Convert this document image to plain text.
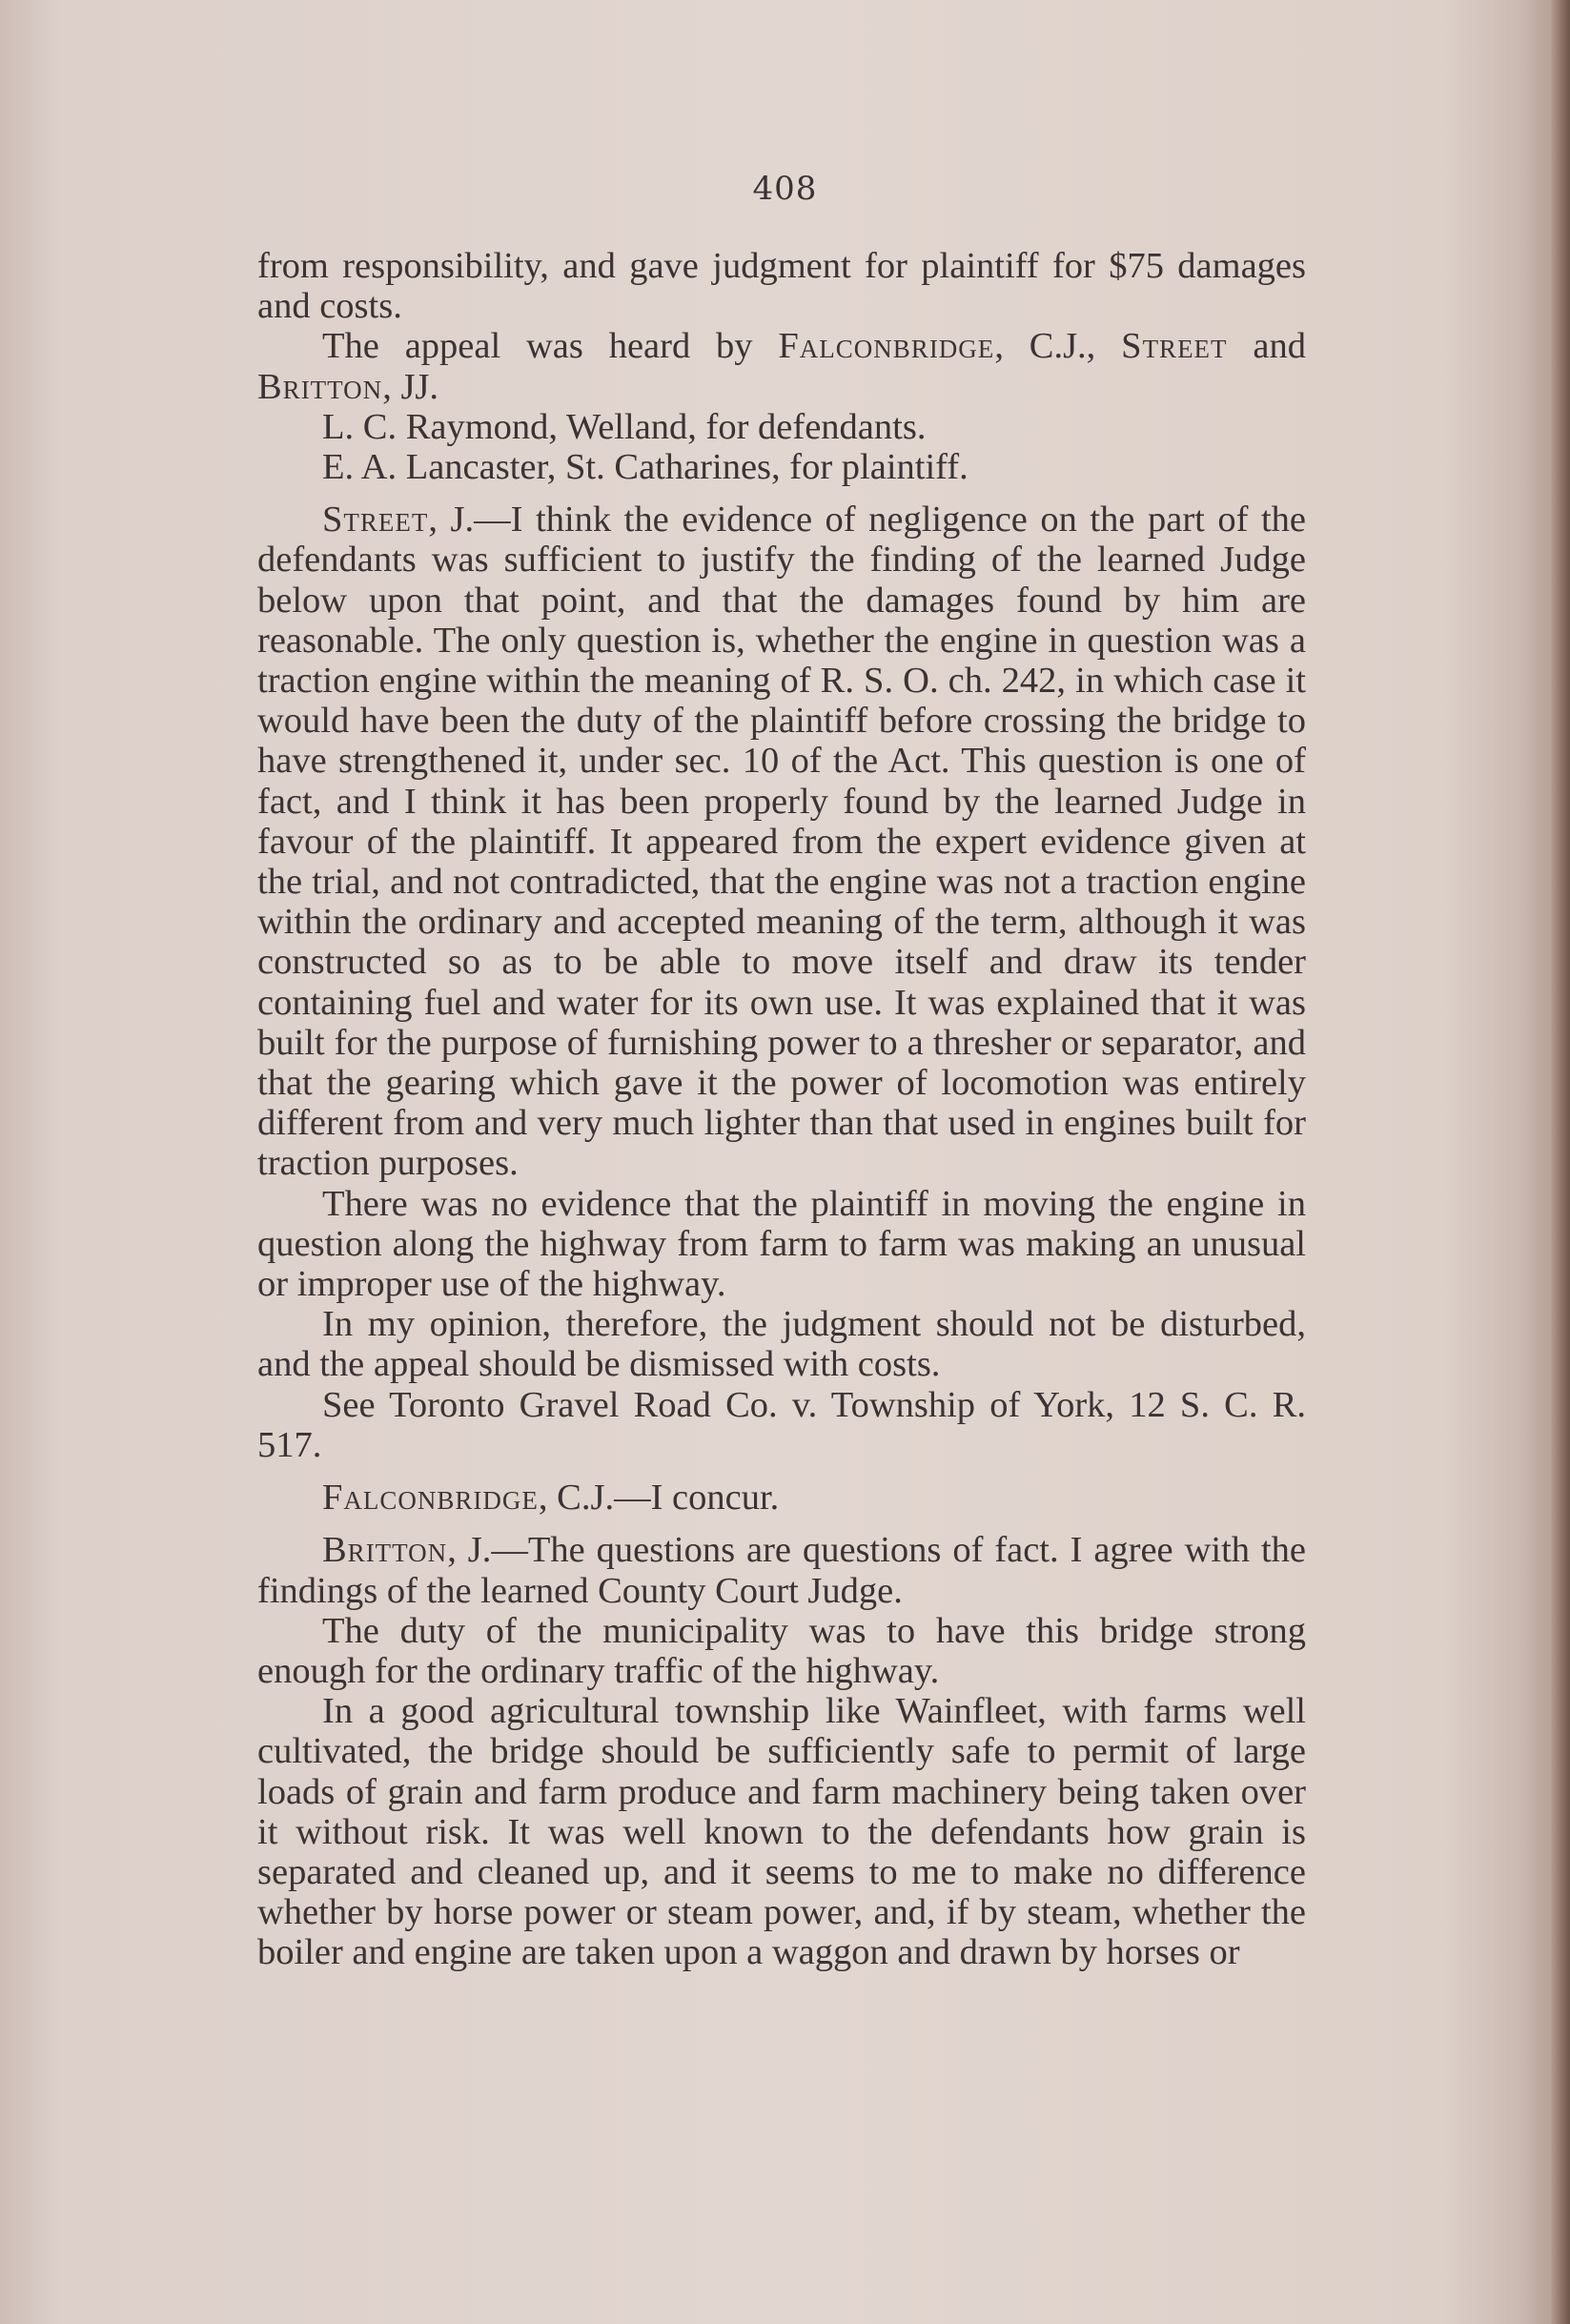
408

from responsibility, and gave judgment for plaintiff for $75 damages and costs.

The appeal was heard by Falconbridge, C.J., Street and Britton, JJ.

L. C. Raymond, Welland, for defendants.

E. A. Lancaster, St. Catharines, for plaintiff.

Street, J.—I think the evidence of negligence on the part of the defendants was sufficient to justify the finding of the learned Judge below upon that point, and that the damages found by him are reasonable. The only question is, whether the engine in question was a traction engine within the meaning of R. S. O. ch. 242, in which case it would have been the duty of the plaintiff before crossing the bridge to have strengthened it, under sec. 10 of the Act. This question is one of fact, and I think it has been properly found by the learned Judge in favour of the plaintiff. It appeared from the expert evidence given at the trial, and not contradicted, that the engine was not a traction engine within the ordinary and accepted meaning of the term, although it was constructed so as to be able to move itself and draw its tender containing fuel and water for its own use. It was explained that it was built for the purpose of furnishing power to a thresher or separator, and that the gearing which gave it the power of locomotion was entirely different from and very much lighter than that used in engines built for traction purposes.

There was no evidence that the plaintiff in moving the engine in question along the highway from farm to farm was making an unusual or improper use of the highway.

In my opinion, therefore, the judgment should not be disturbed, and the appeal should be dismissed with costs.

See Toronto Gravel Road Co. v. Township of York, 12 S. C. R. 517.

Falconbridge, C.J.—I concur.

Britton, J.—The questions are questions of fact. I agree with the findings of the learned County Court Judge.

The duty of the municipality was to have this bridge strong enough for the ordinary traffic of the highway.

In a good agricultural township like Wainfleet, with farms well cultivated, the bridge should be sufficiently safe to permit of large loads of grain and farm produce and farm machinery being taken over it without risk. It was well known to the defendants how grain is separated and cleaned up, and it seems to me to make no difference whether by horse power or steam power, and, if by steam, whether the boiler and engine are taken upon a waggon and drawn by horses or
